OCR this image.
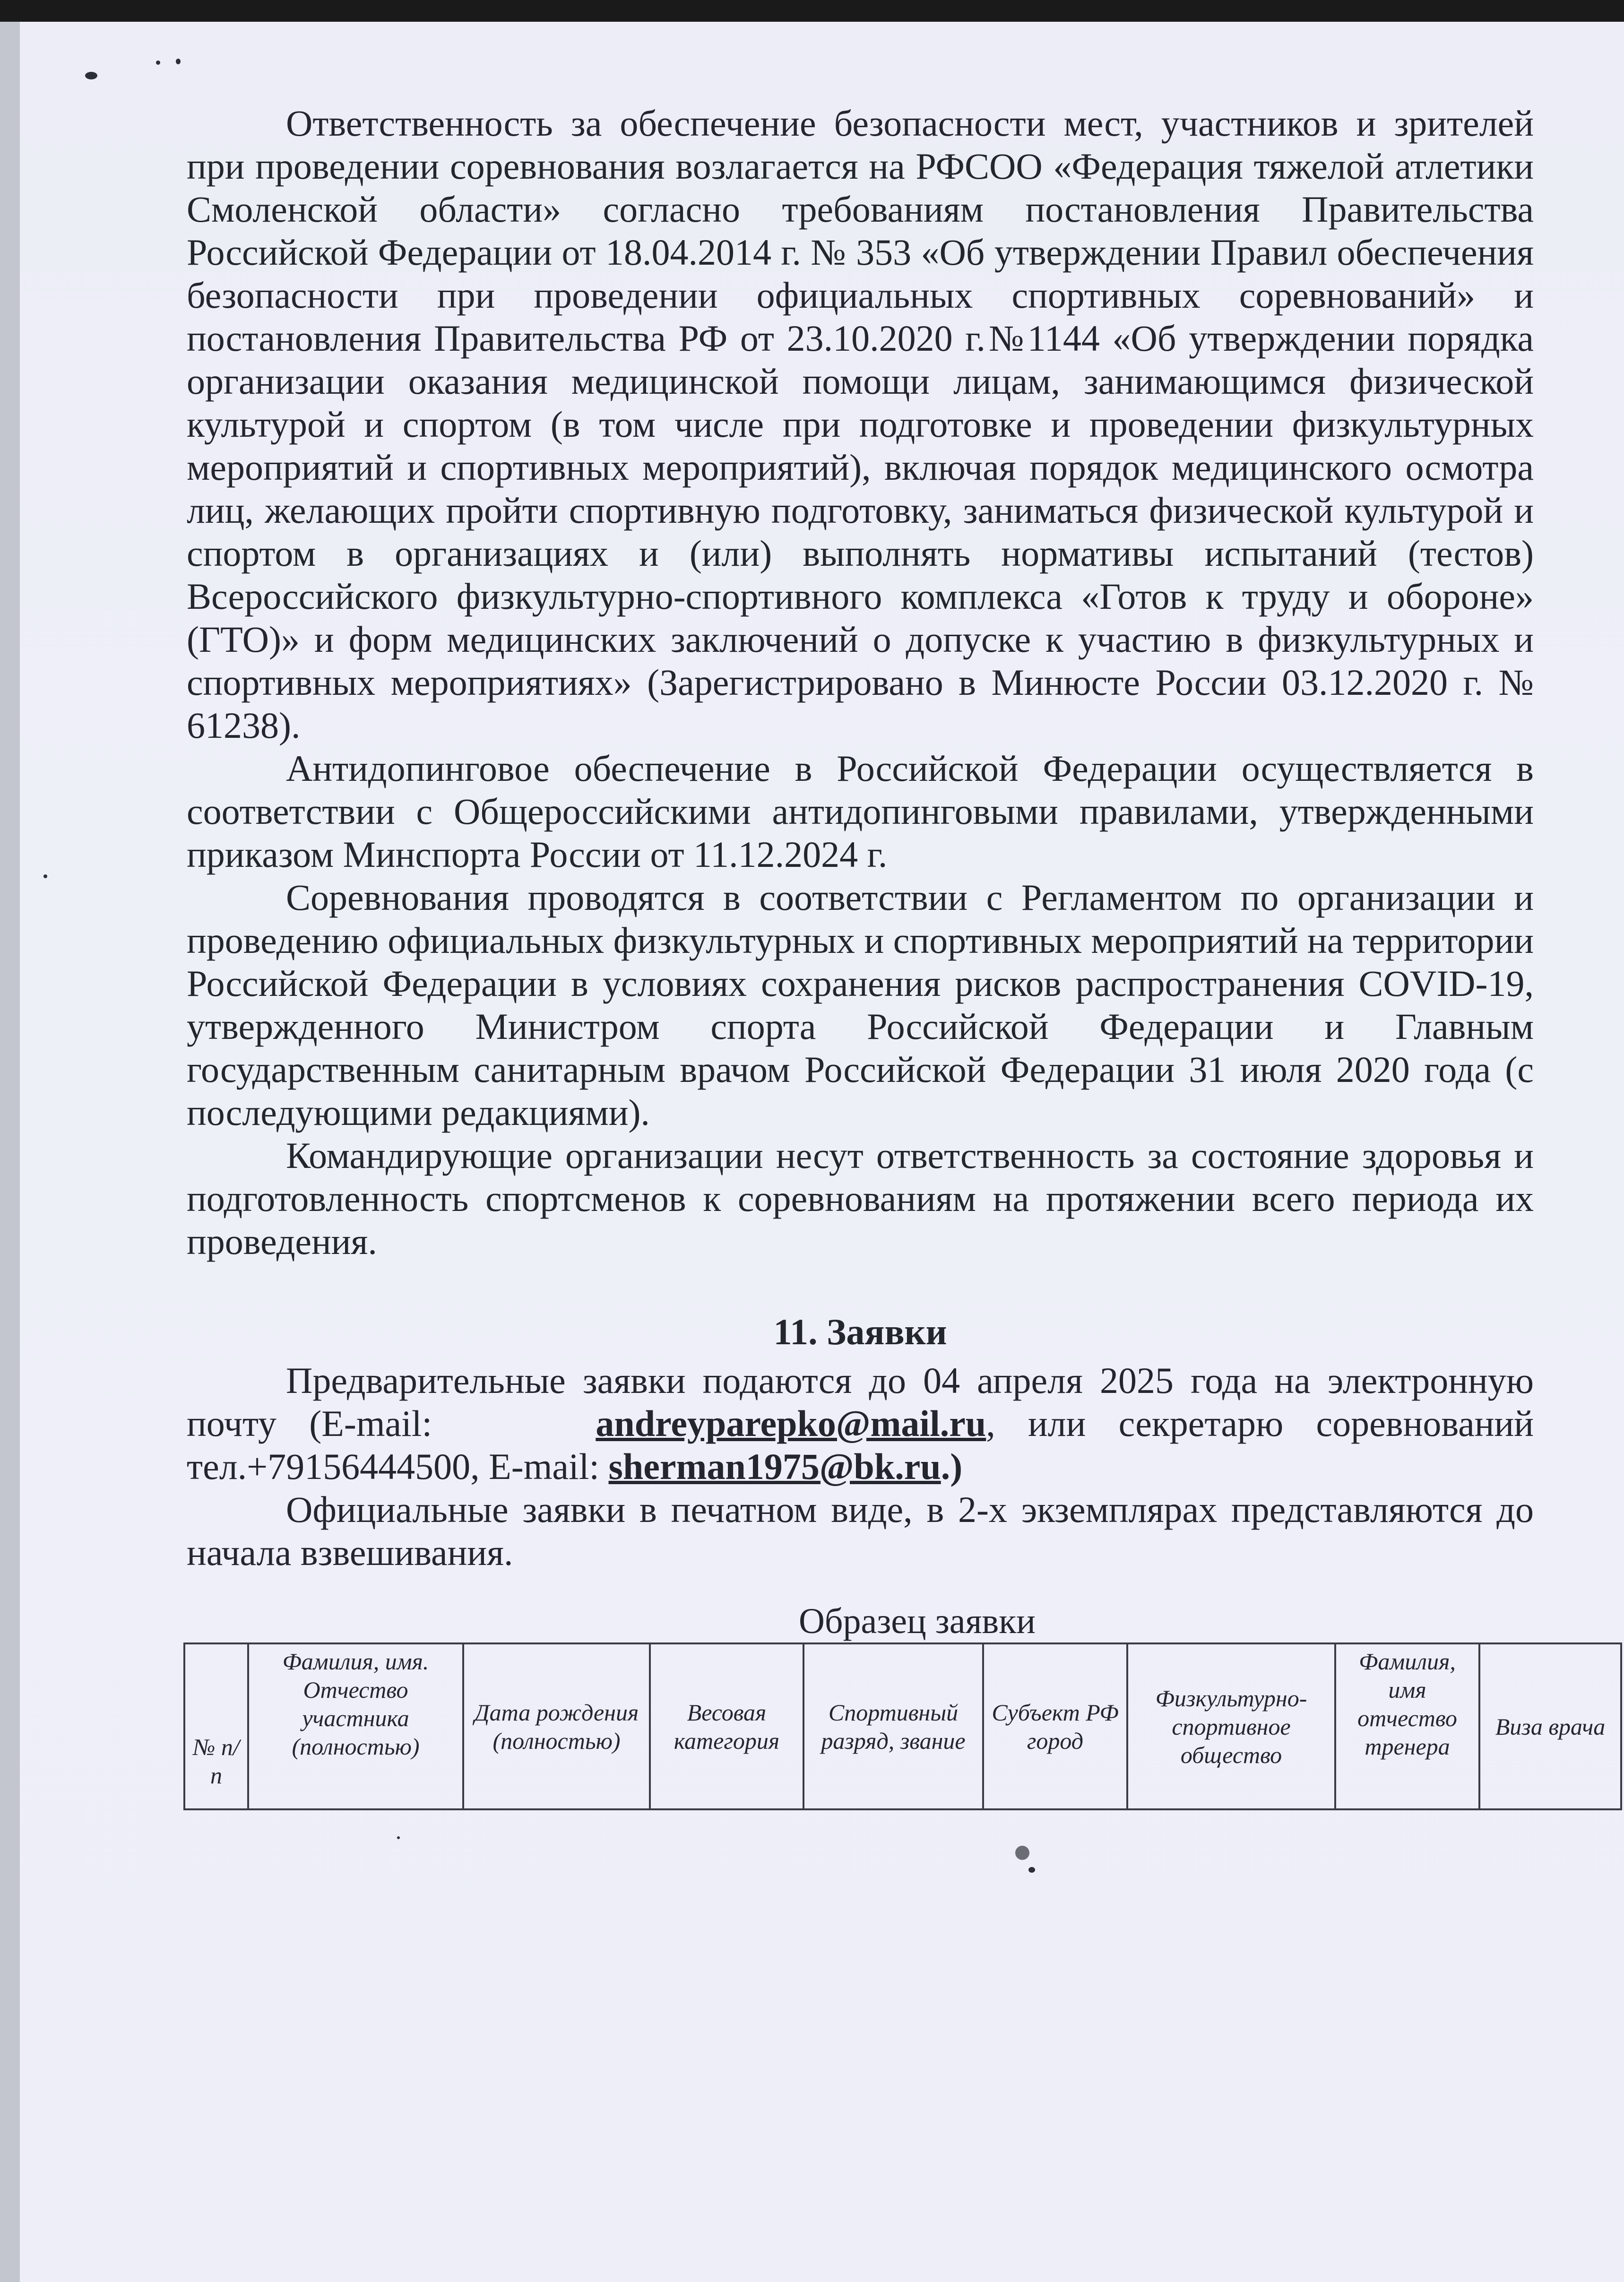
Ответственность за обеспечение безопасности мест, участников и зрителей при проведении соревнования возлагается на РФСОО «Федерация тяжелой атлетики Смоленской области» согласно требованиям постановления Правительства Российской Федерации от 18.04.2014 г. № 353 «Об утверждении Правил обеспечения безопасности при проведении официальных спортивных соревнований» и постановления Правительства РФ от 23.10.2020 г.№1144 «Об утверждении порядка организации оказания медицинской помощи лицам, занимающимся физической культурой и спортом (в том числе при подготовке и проведении физкультурных мероприятий и спортивных мероприятий), включая порядок медицинского осмотра лиц, желающих пройти спортивную подготовку, заниматься физической культурой и спортом в организациях и (или) выполнять нормативы испытаний (тестов) Всероссийского физкультурно-спортивного комплекса «Готов к труду и обороне» (ГТО)» и форм медицинских заключений о допуске к участию в физкультурных и спортивных мероприятиях» (Зарегистрировано в Минюсте России 03.12.2020 г. № 61238).

Антидопинговое обеспечение в Российской Федерации осуществляется в соответствии с Общероссийскими антидопинговыми правилами, утвержденными приказом Минспорта России от 11.12.2024 г.

Соревнования проводятся в соответствии с Регламентом по организации и проведению официальных физкультурных и спортивных мероприятий на территории Российской Федерации в условиях сохранения рисков распространения COVID-19, утвержденного Министром спорта Российской Федерации и Главным государственным санитарным врачом Российской Федерации 31 июля 2020 года (с последующими редакциями).

Командирующие организации несут ответственность за состояние здоровья и подготовленность спортсменов к соревнованиям на протяжении всего периода их проведения.

11. Заявки

Предварительные заявки подаются до 04 апреля 2025 года на электронную почту (E-mail:	andreyparepko@mail.ru, или секретарю соревнований тел.+79156444500, E-mail: sherman1975@bk.ru.)

Официальные заявки в печатном виде, в 2-х экземплярах представляются до начала взвешивания.

Образец заявки
№ п/п	Фамилия, имя. Отчество участника (полностью)	Дата рождения (полностью)	Весовая категория	Спортивный разряд, звание	Субъект РФ город	Физкультурно-спортивное общество	Фамилия, имя отчество тренера	Виза врача
